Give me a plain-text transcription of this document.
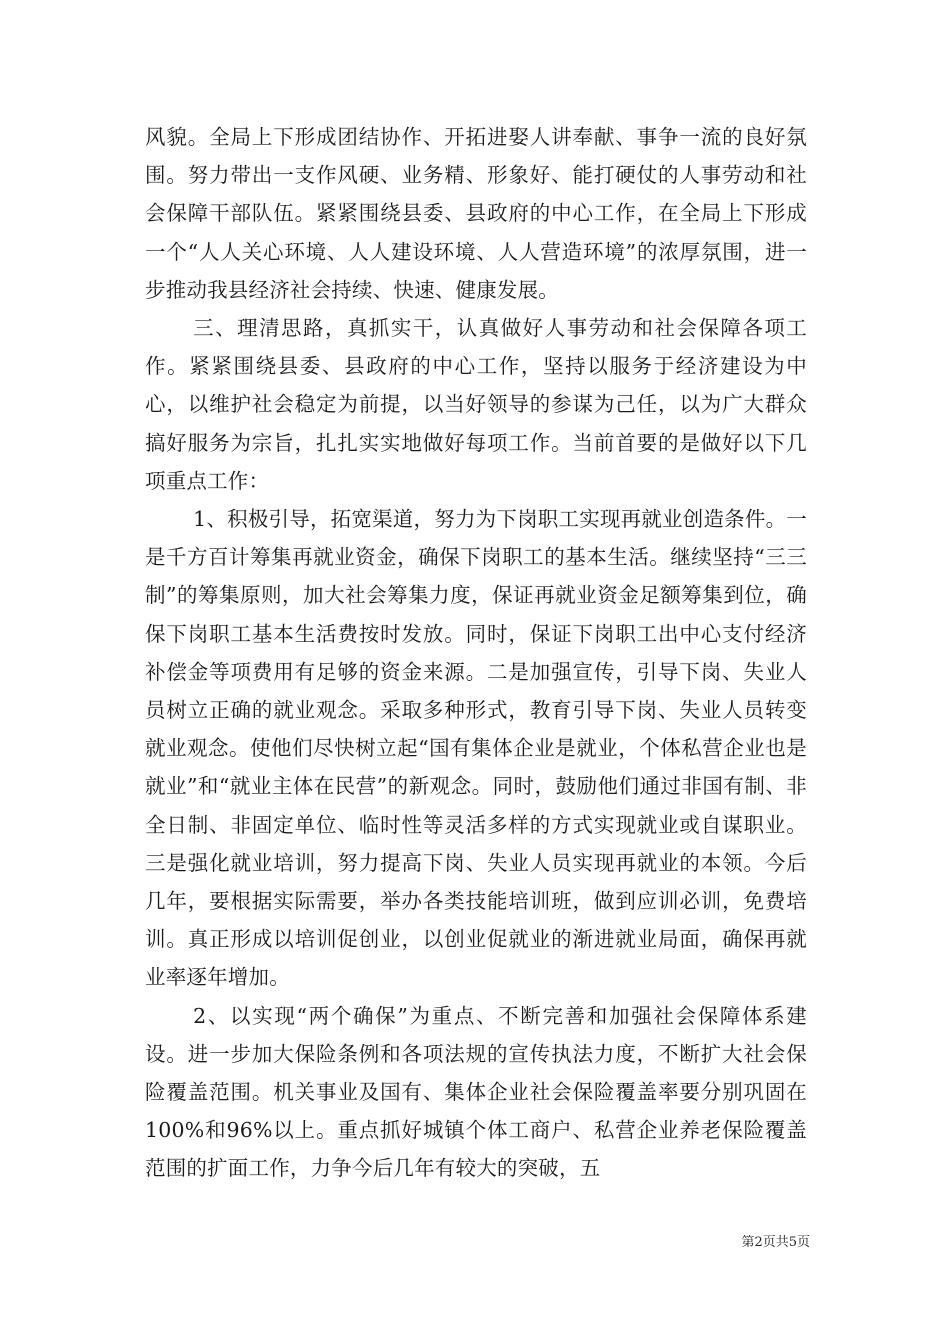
风貌。全局上下形成团结协作、开拓进娶人讲奉献、事争一流的良好氛围。努力带出一支作风硬、业务精、形象好、能打硬仗的人事劳动和社会保障干部队伍。紧紧围绕县委、县政府的中心工作，在全局上下形成一个“人人关心环境、人人建设环境、人人营造环境”的浓厚氛围，进一步推动我县经济社会持续、快速、健康发展。

三、理清思路，真抓实干，认真做好人事劳动和社会保障各项工作。紧紧围绕县委、县政府的中心工作，坚持以服务于经济建设为中心，以维护社会稳定为前提，以当好领导的参谋为己任，以为广大群众搞好服务为宗旨，扎扎实实地做好每项工作。当前首要的是做好以下几项重点工作：

1、积极引导，拓宽渠道，努力为下岗职工实现再就业创造条件。一是千方百计筹集再就业资金，确保下岗职工的基本生活。继续坚持“三三制”的筹集原则，加大社会筹集力度，保证再就业资金足额筹集到位，确保下岗职工基本生活费按时发放。同时，保证下岗职工出中心支付经济补偿金等项费用有足够的资金来源。二是加强宣传，引导下岗、失业人员树立正确的就业观念。采取多种形式，教育引导下岗、失业人员转变就业观念。使他们尽快树立起“国有集体企业是就业，个体私营企业也是就业”和“就业主体在民营”的新观念。同时，鼓励他们通过非国有制、非全日制、非固定单位、临时性等灵活多样的方式实现就业或自谋职业。三是强化就业培训，努力提高下岗、失业人员实现再就业的本领。今后几年，要根据实际需要，举办各类技能培训班，做到应训必训，免费培训。真正形成以培训促创业，以创业促就业的渐进就业局面，确保再就业率逐年增加。

2、以实现“两个确保”为重点、不断完善和加强社会保障体系建设。进一步加大保险条例和各项法规的宣传执法力度，不断扩大社会保险覆盖范围。机关事业及国有、集体企业社会保险覆盖率要分别巩固在100%和96%以上。重点抓好城镇个体工商户、私营企业养老保险覆盖范围的扩面工作，力争今后几年有较大的突破，五

第2页共5页
